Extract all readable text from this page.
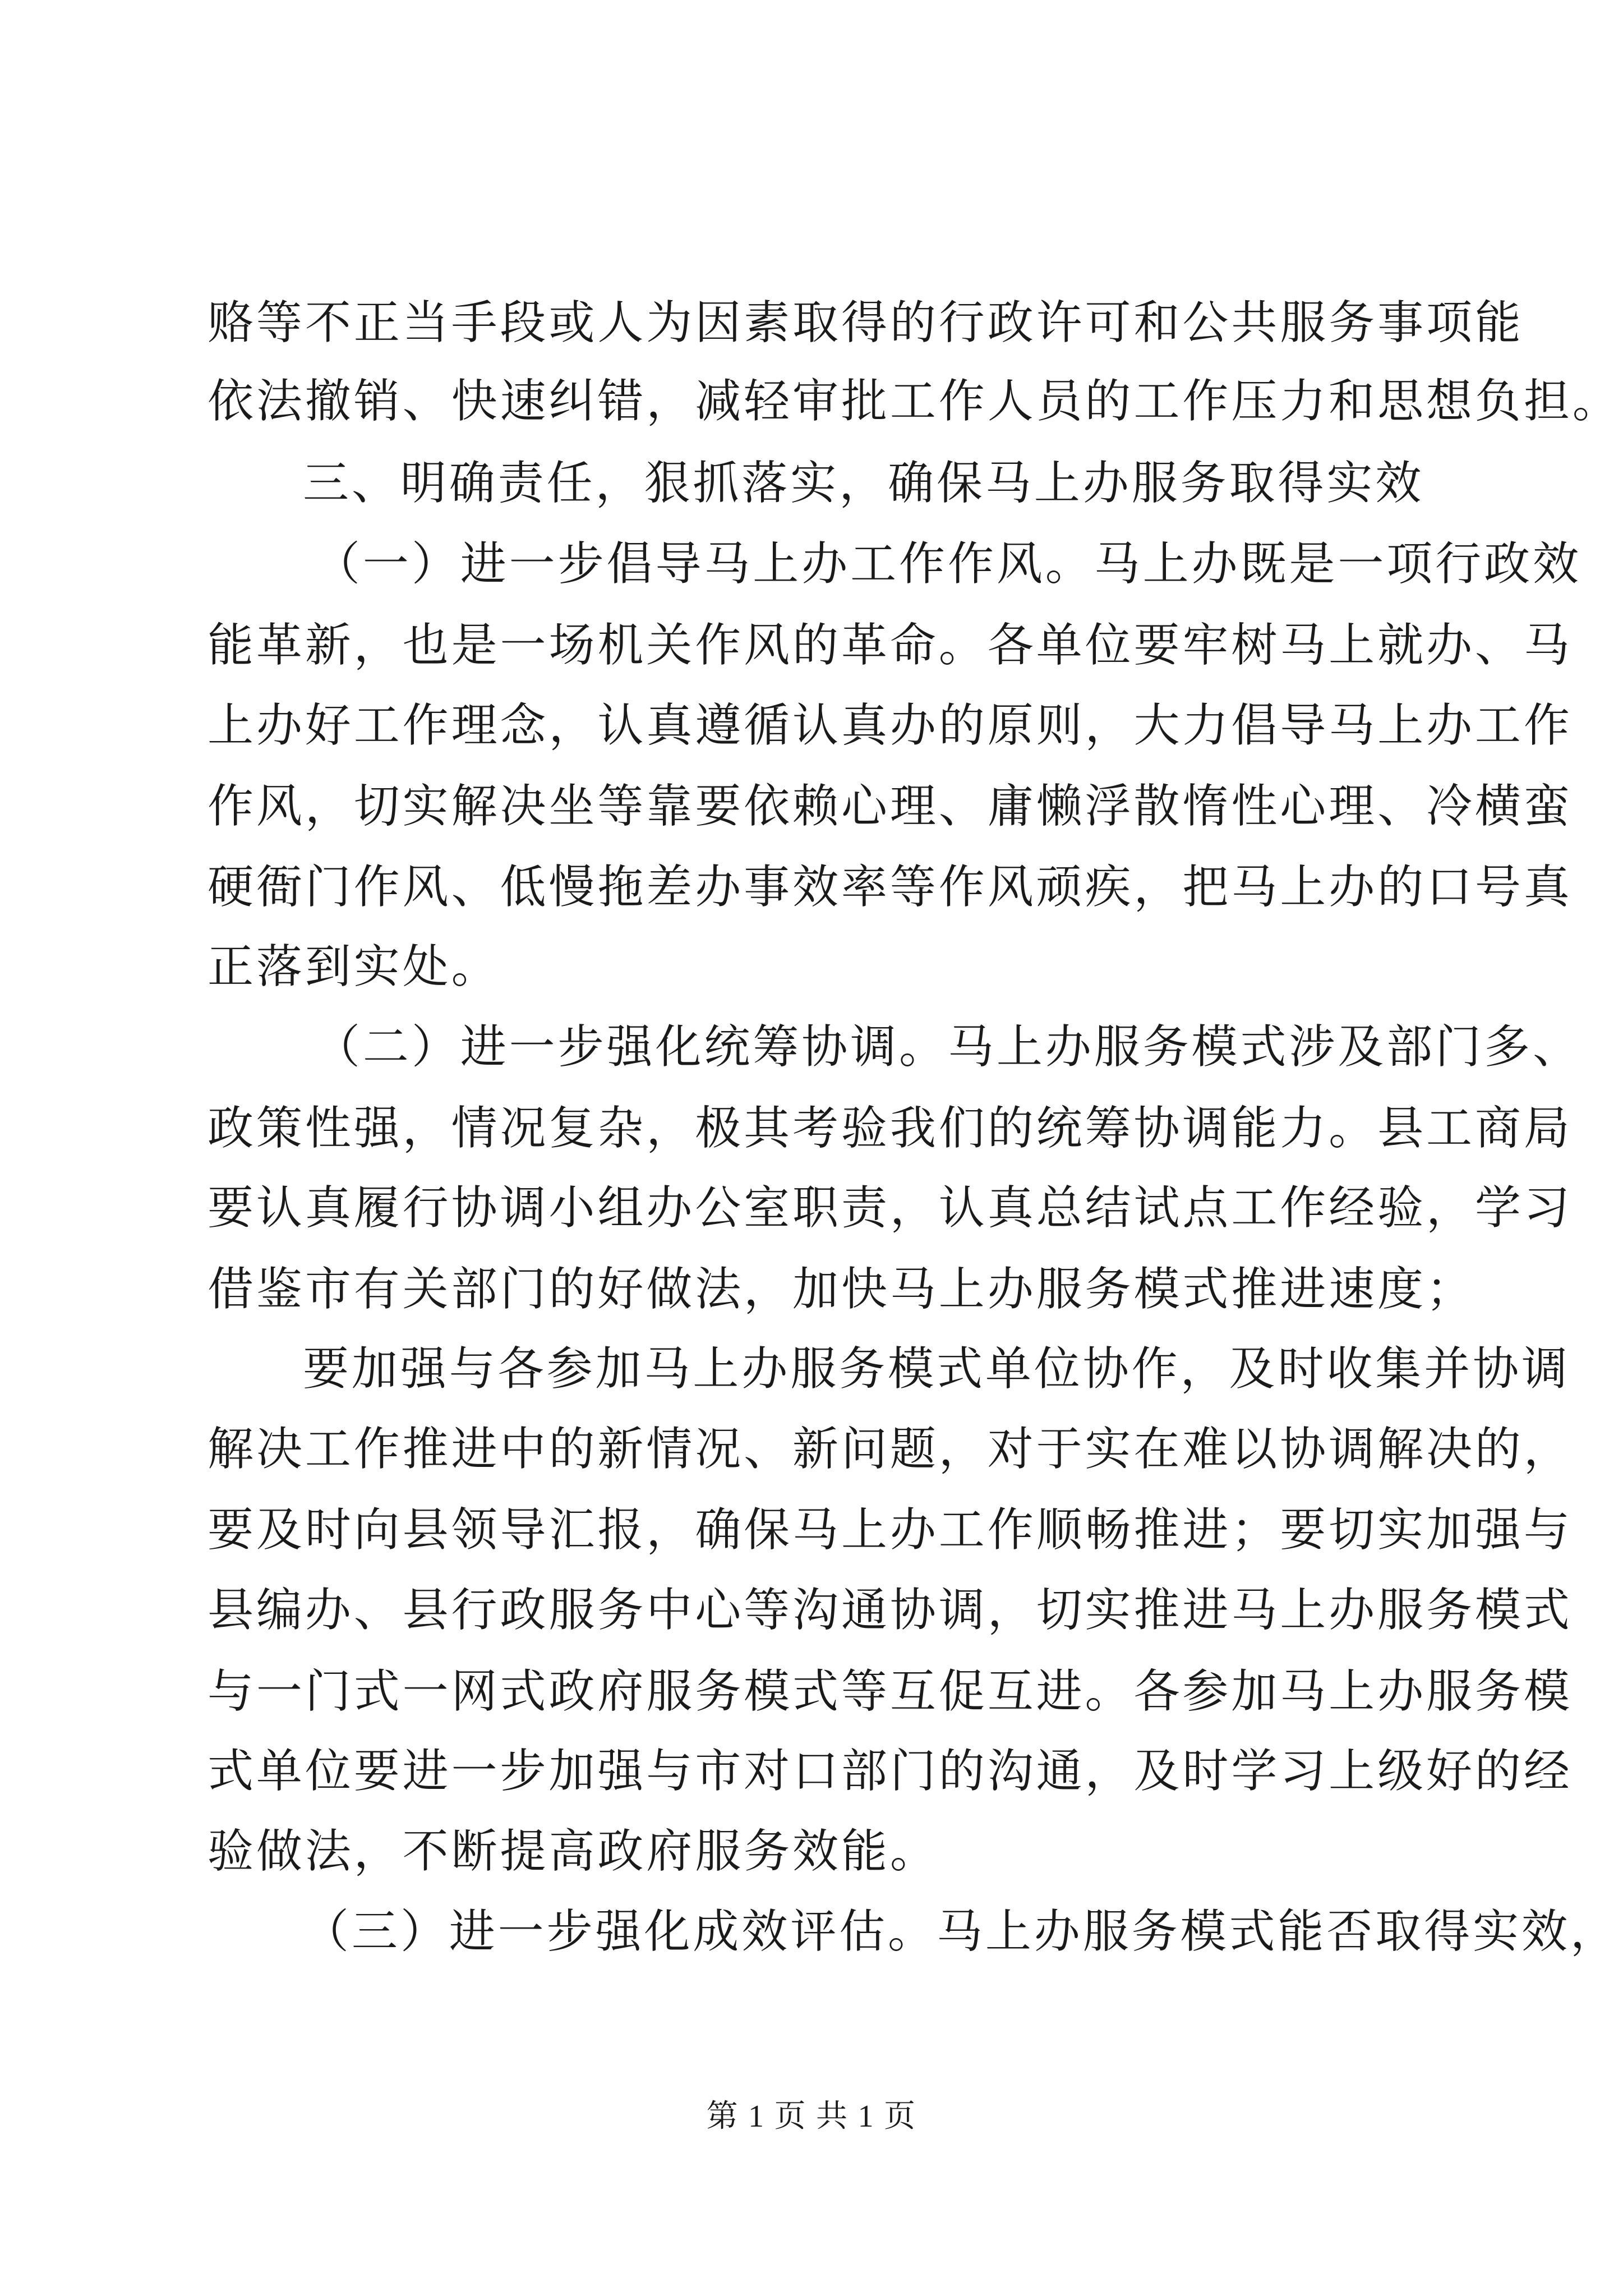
赂等不正当手段或人为因素取得的行政许可和公共服务事项能

依法撤销、快速纠错，减轻审批工作人员的工作压力和思想负担。

三、明确责任，狠抓落实，确保马上办服务取得实效

（一）进一步倡导马上办工作作风。马上办既是一项行政效

能革新，也是一场机关作风的革命。各单位要牢树马上就办、马

上办好工作理念，认真遵循认真办的原则，大力倡导马上办工作

作风，切实解决坐等靠要依赖心理、庸懒浮散惰性心理、冷横蛮

硬衙门作风、低慢拖差办事效率等作风顽疾，把马上办的口号真

正落到实处。

（二）进一步强化统筹协调。马上办服务模式涉及部门多、

政策性强，情况复杂，极其考验我们的统筹协调能力。县工商局

要认真履行协调小组办公室职责，认真总结试点工作经验，学习

借鉴市有关部门的好做法，加快马上办服务模式推进速度；

要加强与各参加马上办服务模式单位协作，及时收集并协调

解决工作推进中的新情况、新问题，对于实在难以协调解决的，

要及时向县领导汇报，确保马上办工作顺畅推进；要切实加强与

县编办、县行政服务中心等沟通协调，切实推进马上办服务模式

与一门式一网式政府服务模式等互促互进。各参加马上办服务模

式单位要进一步加强与市对口部门的沟通，及时学习上级好的经

验做法，不断提高政府服务效能。

（三）进一步强化成效评估。马上办服务模式能否取得实效，

第 1 页 共 1 页
